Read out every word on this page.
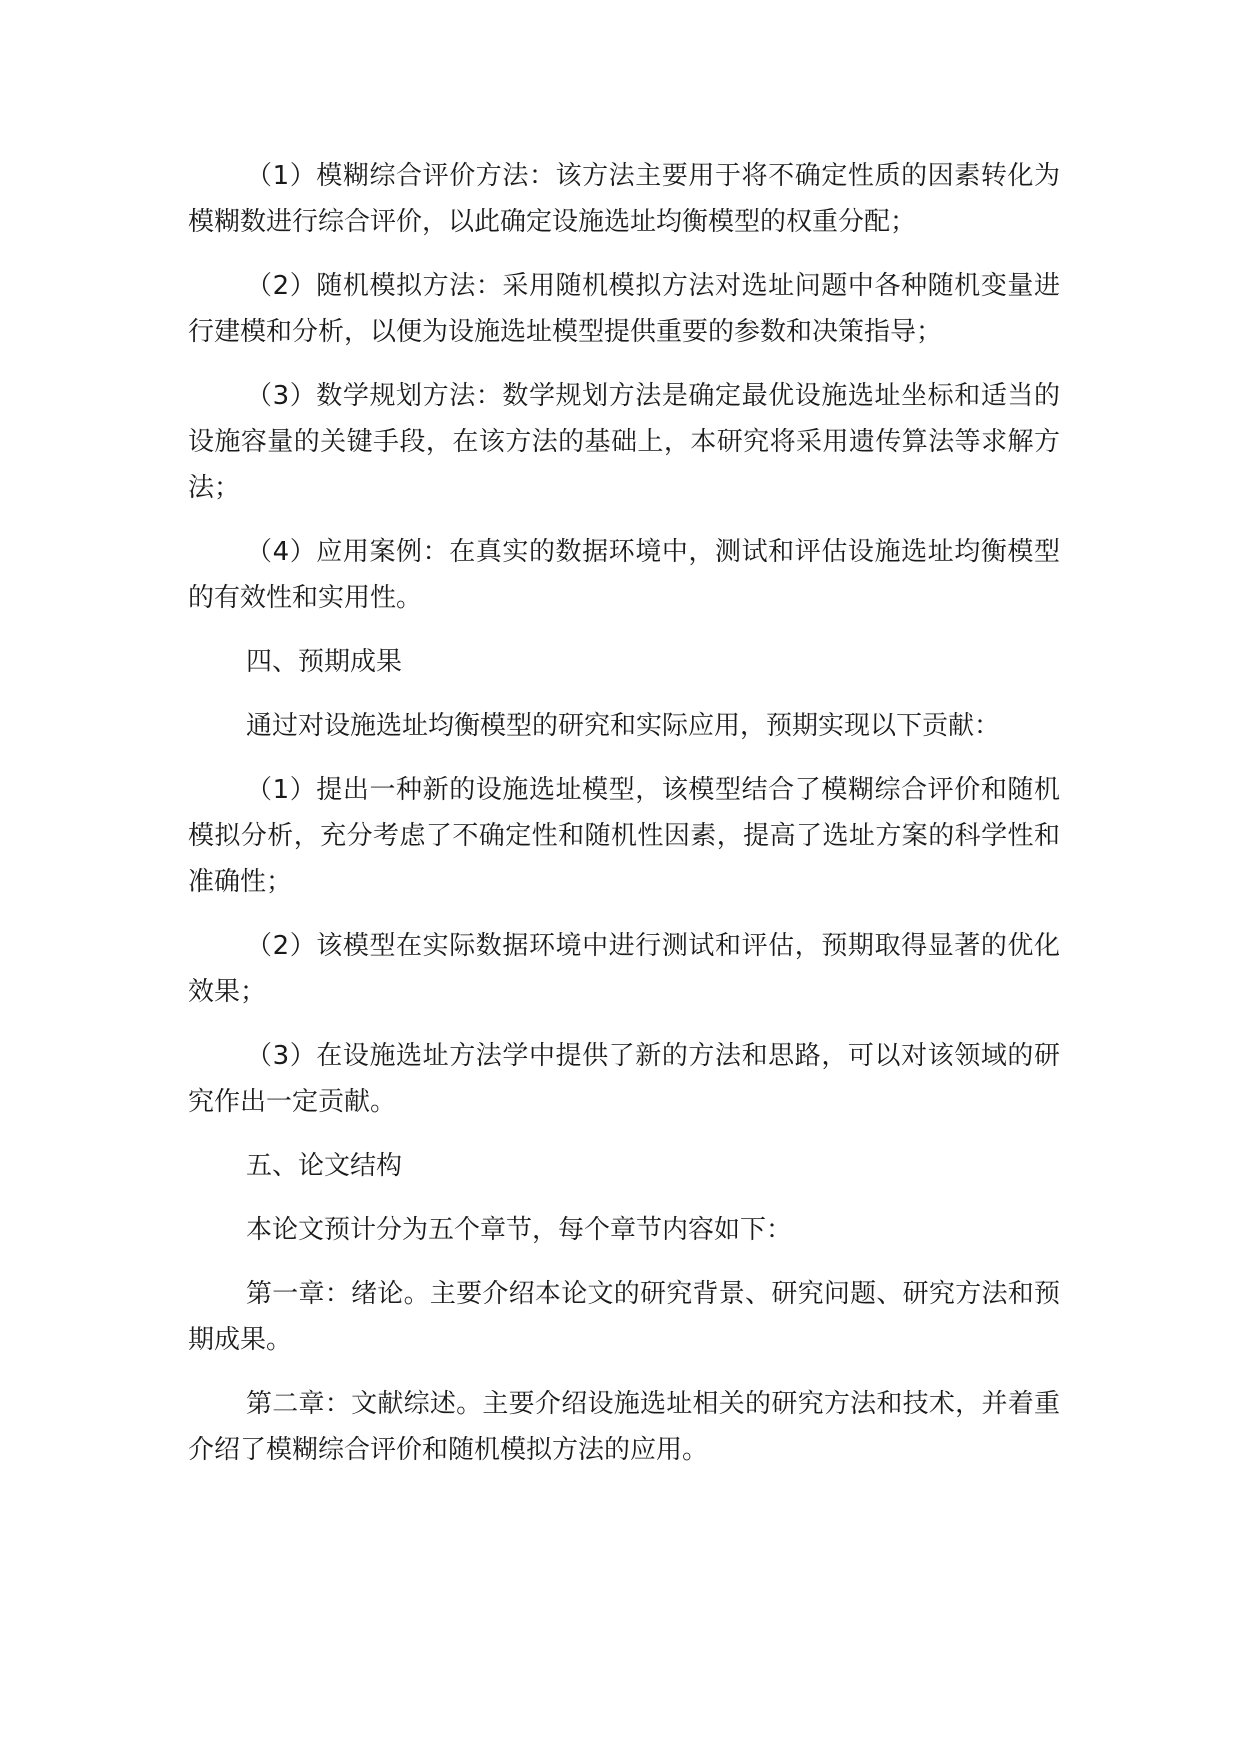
（1）模糊综合评价方法：该方法主要用于将不确定性质的因素转化为模糊数进行综合评价，以此确定设施选址均衡模型的权重分配；

（2）随机模拟方法：采用随机模拟方法对选址问题中各种随机变量进行建模和分析，以便为设施选址模型提供重要的参数和决策指导；

（3）数学规划方法：数学规划方法是确定最优设施选址坐标和适当的设施容量的关键手段，在该方法的基础上，本研究将采用遗传算法等求解方法；

（4）应用案例：在真实的数据环境中，测试和评估设施选址均衡模型的有效性和实用性。

四、预期成果

通过对设施选址均衡模型的研究和实际应用，预期实现以下贡献：

（1）提出一种新的设施选址模型，该模型结合了模糊综合评价和随机模拟分析，充分考虑了不确定性和随机性因素，提高了选址方案的科学性和准确性；

（2）该模型在实际数据环境中进行测试和评估，预期取得显著的优化效果；

（3）在设施选址方法学中提供了新的方法和思路，可以对该领域的研究作出一定贡献。

五、论文结构

本论文预计分为五个章节，每个章节内容如下：

第一章：绪论。主要介绍本论文的研究背景、研究问题、研究方法和预期成果。

第二章：文献综述。主要介绍设施选址相关的研究方法和技术，并着重介绍了模糊综合评价和随机模拟方法的应用。
